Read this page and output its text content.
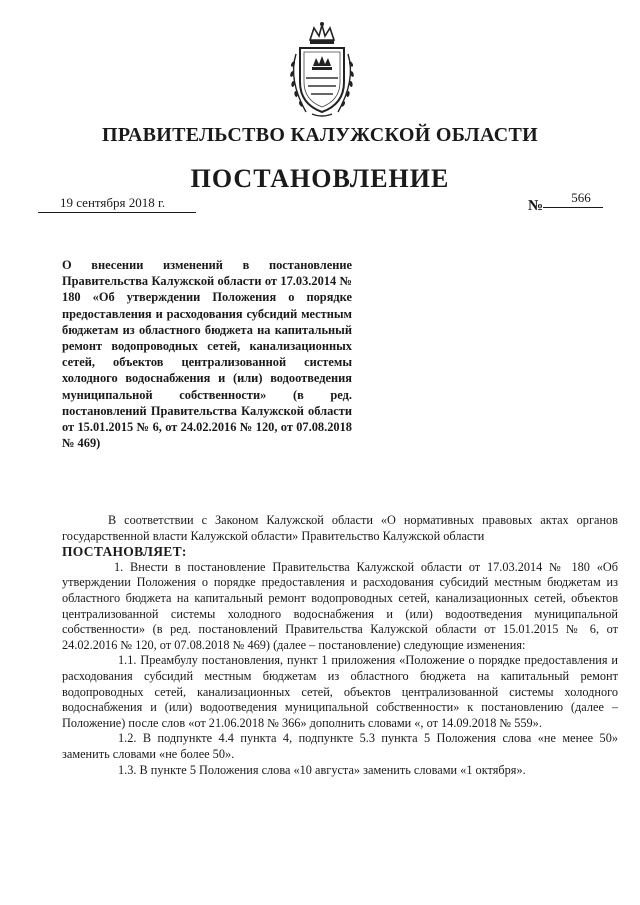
ПРАВИТЕЛЬСТВО КАЛУЖСКОЙ ОБЛАСТИ
ПОСТАНОВЛЕНИЕ
19 сентября 2018 г.	№
566
О внесении изменений в постановление Правительства Калужской области от 17.03.2014 № 180 «Об утверждении Положения о порядке предоставления и расходования субсидий местным бюджетам из областного бюджета на капитальный ремонт водопроводных сетей, канализационных сетей, объектов централизованной системы холодного водоснабжения и (или) водоотведения муниципальной собственности» (в ред. постановлений Правительства Калужской области от 15.01.2015 № 6, от 24.02.2016 № 120, от 07.08.2018 № 469)

В соответствии с Законом Калужской области «О нормативных правовых актах органов государственной власти Калужской области» Правительство Калужской области

ПОСТАНОВЛЯЕТ:

1. Внести в постановление Правительства Калужской области от 17.03.2014 № 180 «Об утверждении Положения о порядке предоставления и расходования субсидий местным бюджетам из областного бюджета на капитальный ремонт водопроводных сетей, канализационных сетей, объектов централизованной системы холодного водоснабжения и (или) водоотведения муниципальной собственности» (в ред. постановлений Правительства Калужской области от 15.01.2015 № 6, от 24.02.2016 № 120, от 07.08.2018 № 469) (далее – постановление) следующие изменения:

1.1. Преамбулу постановления, пункт 1 приложения «Положение о порядке предоставления и расходования субсидий местным бюджетам из областного бюджета на капитальный ремонт водопроводных сетей, канализационных сетей, объектов централизованной системы холодного водоснабжения и (или) водоотведения муниципальной собственности» к постановлению (далее – Положение) после слов «от 21.06.2018 № 366» дополнить словами «, от 14.09.2018 № 559».

1.2. В подпункте 4.4 пункта 4, подпункте 5.3 пункта 5 Положения слова «не менее 50» заменить словами «не более 50».

1.3. В пункте 5 Положения слова «10 августа» заменить словами «1 октября».
